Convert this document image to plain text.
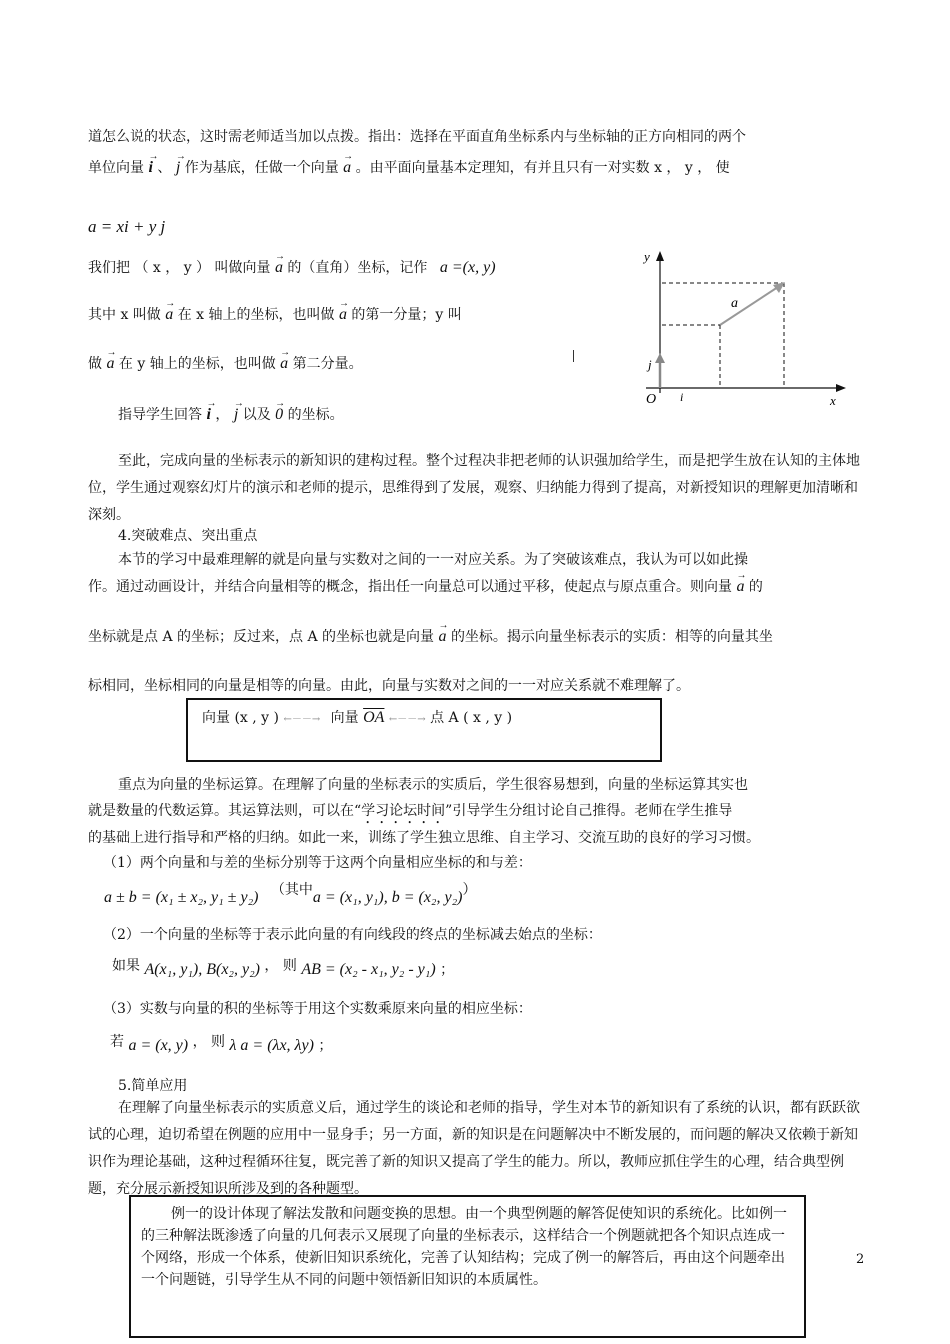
道怎么说的状态，这时需老师适当加以点拨。指出：选择在平面直角坐标系内与坐标轴的正方向相同的两个
单位向量 → i 、 → j 作为基底，任做一个向量 → a 。由平面向量基本定理知，有并且只有一对实数 x ， y ， 使
a = xi + y j
我们把 （ x ， y ） 叫做向量 → a 的（直角）坐标，记作 a =(x, y)
其中 x 叫做 → a 在 x 轴上的坐标，也叫做 → a 的第一分量；y 叫
做 → a 在 y 轴上的坐标，也叫做 → a 第二分量。
指导学生回答 → i ， → j 以及 → 0 的坐标。
y
x
a
j
i
O
至此，完成向量的坐标表示的新知识的建构过程。整个过程决非把老师的认识强加给学生，而是把学生放在认知的主体地位，学生通过观察幻灯片的演示和老师的提示，思维得到了发展，观察、归纳能力得到了提高，对新授知识的理解更加清晰和深刻。
4.突破难点、突出重点
本节的学习中最难理解的就是向量与实数对之间的一一对应关系。为了突破该难点，我认为可以如此操
作。通过动画设计，并结合向量相等的概念，指出任一向量总可以通过平移，使起点与原点重合。则向量 → a 的
坐标就是点 A 的坐标；反过来，点 A 的坐标也就是向量 → a 的坐标。揭示向量坐标表示的实质：相等的向量其坐
标相同，坐标相同的向量是相等的向量。由此，向量与实数对之间的一一对应关系就不难理解了。
向量 (x , y ) ←－－→ 向量 $\overline{OA}$ ←－－→ 点 A ( x , y )
重点为向量的坐标运算。在理解了向量的坐标表示的实质后，学生很容易想到，向量的坐标运算其实也
就是数量的代数运算。其运算法则，可以在“学习论坛时间”引导学生分组讨论自己推得。老师在学生推导
的基础上进行指导和严格的归纳。如此一来，训练了学生独立思维、自主学习、交流互助的良好的学习习惯。
（1）两个向量和与差的坐标分别等于这两个向量相应坐标的和与差：
a ± b = (x₁ ± x₂, y₁ ± y₂) （其中a = (x₁, y₁), b = (x₂, y₂)）
（2）一个向量的坐标等于表示此向量的有向线段的终点的坐标减去始点的坐标：
如果 A(x₁, y₁), B(x₂, y₂) ， 则 AB = (x₂ - x₁, y₂ - y₁) ；
（3）实数与向量的积的坐标等于用这个实数乘原来向量的相应坐标：
若 a = (x, y) ， 则 λ a = (λx, λy) ；
5.简单应用
在理解了向量坐标表示的实质意义后，通过学生的谈论和老师的指导，学生对本节的新知识有了系统的认识，都有跃跃欲试的心理，迫切希望在例题的应用中一显身手；另一方面，新的知识是在问题解决中不断发展的，而问题的解决又依赖于新知识作为理论基础，这种过程循环往复，既完善了新的知识又提高了学生的能力。所以，教师应抓住学生的心理，结合典型例题，充分展示新授知识所涉及到的各种题型。
例一的设计体现了解法发散和问题变换的思想。由一个典型例题的解答促使知识的系统化。比如例一的三种解法既渗透了向量的几何表示又展现了向量的坐标表示，这样结合一个例题就把各个知识点连成一个网络，形成一个体系，使新旧知识系统化，完善了认知结构；完成了例一的解答后，再由这个问题牵出一个问题链，引导学生从不同的问题中领悟新旧知识的本质属性。
2
